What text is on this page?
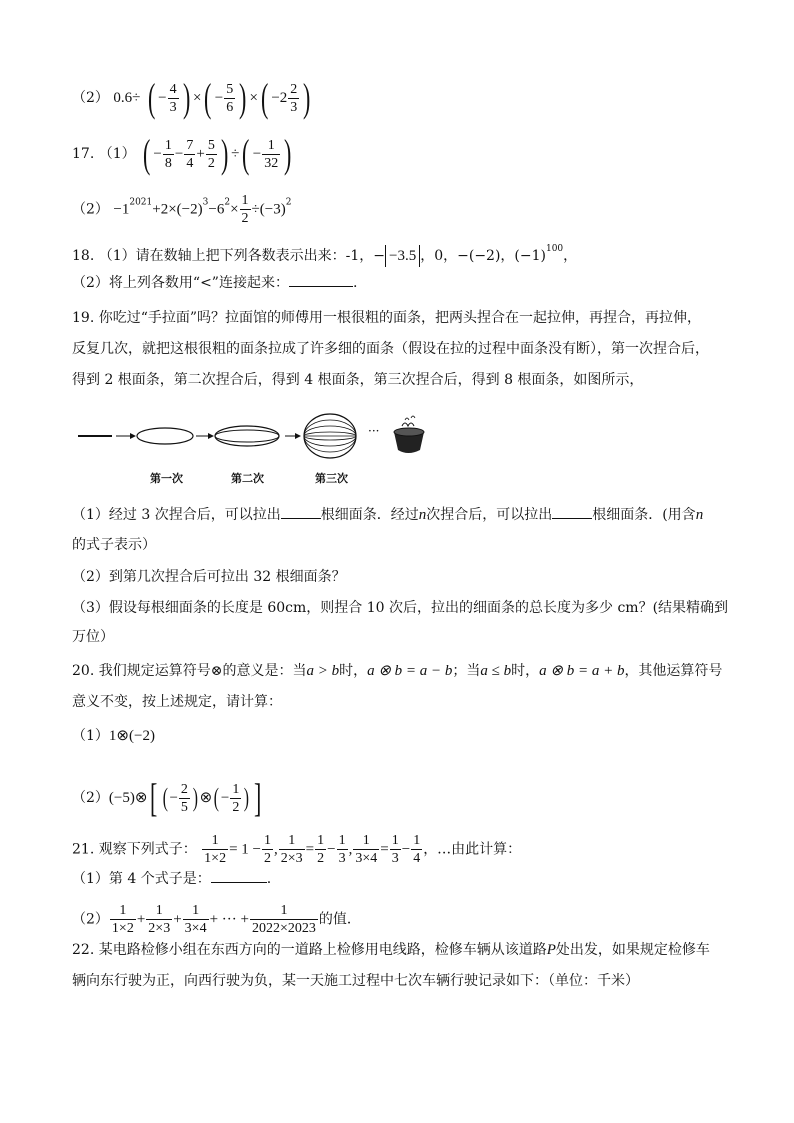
（2） 0.6÷ ( − $\frac{4}{3}$ ) ×( − $\frac{5}{6}$ ) ×( $-2 \frac{2}{3}$ )
17. （1） ( − $\frac{1}{8} - \frac{7}{4} + \frac{5}{2}$ ) ÷( − $\frac{1}{32}$ )
$(2) -1^{2021}+2\times(-2)^3-6^2\times \frac{1}{2} \div(-3)^2$
18. （1）请在数轴上把下列各数表示出来：-1，− −3.5 ，0，−(−2)，$(-1)^{100}$，
（2）将上列各数用“<”连接起来：	.
19. 你吃过“手拉面”吗？拉面馆的师傅用一根很粗的面条，把两头捏合在一起拉伸，再捏合，再拉伸，
反复几次，就把这根很粗的面条拉成了许多细的面条（假设在拉的过程中面条没有断），第一次捏合后，
得到 2 根面条，第二次捏合后，得到 4 根面条，第三次捏合后，得到 8 根面条，如图所示，
···
第一次	第二次	第三次
（1）经过 3 次捏合后，可以拉出	根细面条．经过n次捏合后，可以拉出	根细面条．(用含n
的式子表示）
（2）到第几次捏合后可拉出 32 根细面条？
（3）假设每根细面条的长度是 60cm，则捏合 10 次后，拉出的细面条的总长度为多少 cm？(结果精确到
万位）
20. 我们规定运算符号⊗的意义是：当a > b时，a ⊗ b = a − b；当a ≤ b时，a ⊗ b = a + b，其他运算符号
意义不变，按上述规定，请计算：
（1）1⊗(−2)
（2）(−5)⊗[ ( − $\frac{2}{5}$ ) ⊗( − $\frac{1}{2}$ ) ]
21. 观察下列式子： $\frac{1}{1\times 2} = 1 - \frac{1}{2}$ , $\frac{1}{2\times 3} = \frac{1}{2} - \frac{1}{3}$ , $\frac{1}{3\times 4} = \frac{1}{3} - \frac{1}{4}$ ，…由此计算：
（1）第 4 个式子是：	.
$(2) \frac{1}{1\times 2} + \frac{1}{2\times 3} + \frac{1}{3\times 4}$ + ··· + $\frac{1}{2022\times 2023}$ 的值．
22. 某电路检修小组在东西方向的一道路上检修用电线路，检修车辆从该道路P处出发，如果规定检修车
辆向东行驶为正，向西行驶为负，某一天施工过程中七次车辆行驶记录如下：（单位：千米）
